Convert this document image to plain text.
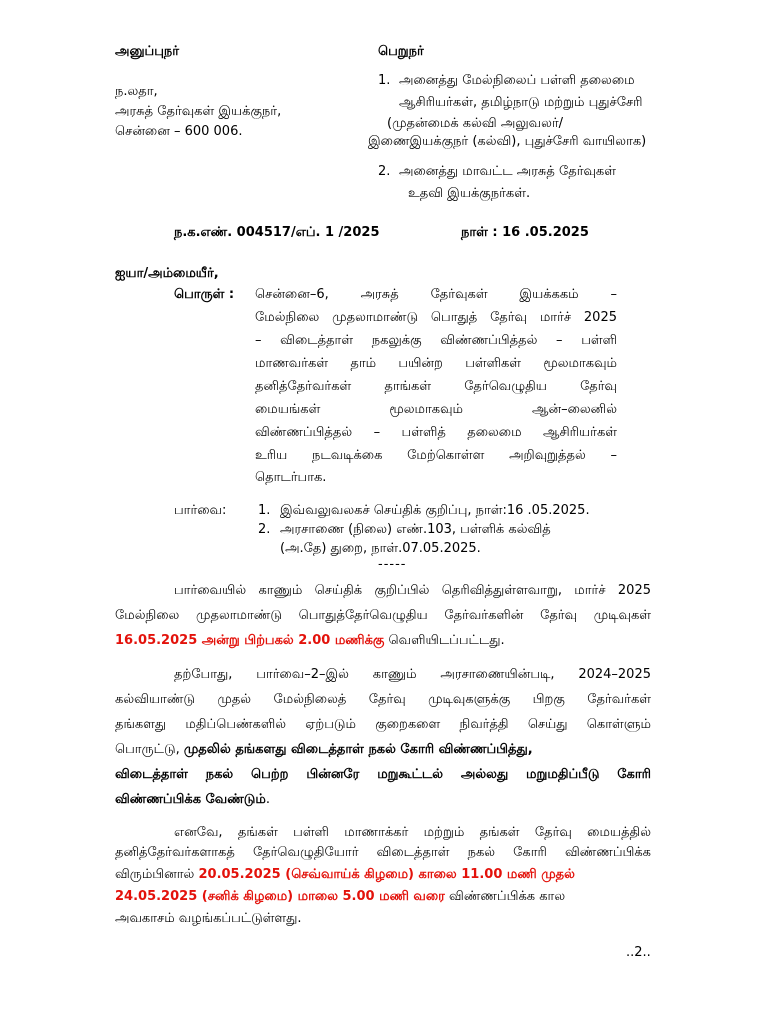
அனுப்புநர்
ந.லதா,
அரசுத் தேர்வுகள் இயக்குநர்,
சென்னை – 600 006.
பெறுநர்
1. அனைத்து மேல்நிலைப் பள்ளி தலைமை
ஆசிரியர்கள், தமிழ்நாடு மற்றும் புதுச்சேரி
(முதன்மைக் கல்வி அலுவலர்/
இணைஇயக்குநர் (கல்வி), புதுச்சேரி வாயிலாக)
2. அனைத்து மாவட்ட அரசுத் தேர்வுகள்
உதவி இயக்குநர்கள்.
ந.க.எண். 004517/எப். 1 /2025	நாள் : 16 .05.2025
ஐயா/அம்மையீர்,
பொருள் : சென்னை–6, அரசுத் தேர்வுகள் இயக்ககம் –
மேல்நிலை முதலாமாண்டு பொதுத் தேர்வு மார்ச் 2025
– விடைத்தாள் நகலுக்கு விண்ணப்பித்தல் – பள்ளி
மாணவர்கள் தாம் பயின்ற பள்ளிகள் மூலமாகவும்
தனித்தேர்வர்கள் தாங்கள் தேர்வெழுதிய தேர்வு
மையங்கள் மூலமாகவும் ஆன்–லைனில்
விண்ணப்பித்தல் – பள்ளித் தலைமை ஆசிரியர்கள்
உரிய நடவடிக்கை மேற்கொள்ள அறிவுறுத்தல் –
தொடர்பாக.
பார்வை: 1. இவ்வலுவலகச் செய்திக் குறிப்பு, நாள்:16 .05.2025.
2. அரசாணை (நிலை) எண்.103, பள்ளிக் கல்வித்
(அ.தே) துறை, நாள்.07.05.2025.
-----
பார்வையில் காணும் செய்திக் குறிப்பில் தெரிவித்துள்ளவாறு, மார்ச் 2025
மேல்நிலை முதலாமாண்டு பொதுத்தேர்வெழுதிய தேர்வர்களின் தேர்வு முடிவுகள்
16.05.2025 அன்று பிற்பகல் 2.00 மணிக்கு வெளியிடப்பட்டது.
தற்போது, பார்வை–2–இல் காணும் அரசாணையின்படி, 2024–2025
கல்வியாண்டு முதல் மேல்நிலைத் தேர்வு முடிவுகளுக்கு பிறகு தேர்வர்கள்
தங்களது மதிப்பெண்களில் ஏற்படும் குறைகளை நிவர்த்தி செய்து கொள்ளும்
பொருட்டு, முதலில் தங்களது விடைத்தாள் நகல் கோரி விண்ணப்பித்து,
விடைத்தாள் நகல் பெற்ற பின்னரே மறுகூட்டல் அல்லது மறுமதிப்பீடு கோரி
விண்ணப்பிக்க வேண்டும்.
எனவே, தங்கள் பள்ளி மாணாக்கர் மற்றும் தங்கள் தேர்வு மையத்தில்
தனித்தேர்வர்களாகத் தேர்வெழுதியோர் விடைத்தாள் நகல் கோரி விண்ணப்பிக்க
விரும்பினால் 20.05.2025 (செவ்வாய்க் கிழமை) காலை 11.00 மணி முதல்
24.05.2025 (சனிக் கிழமை) மாலை 5.00 மணி வரை விண்ணப்பிக்க கால
அவகாசம் வழங்கப்பட்டுள்ளது.
..2..
